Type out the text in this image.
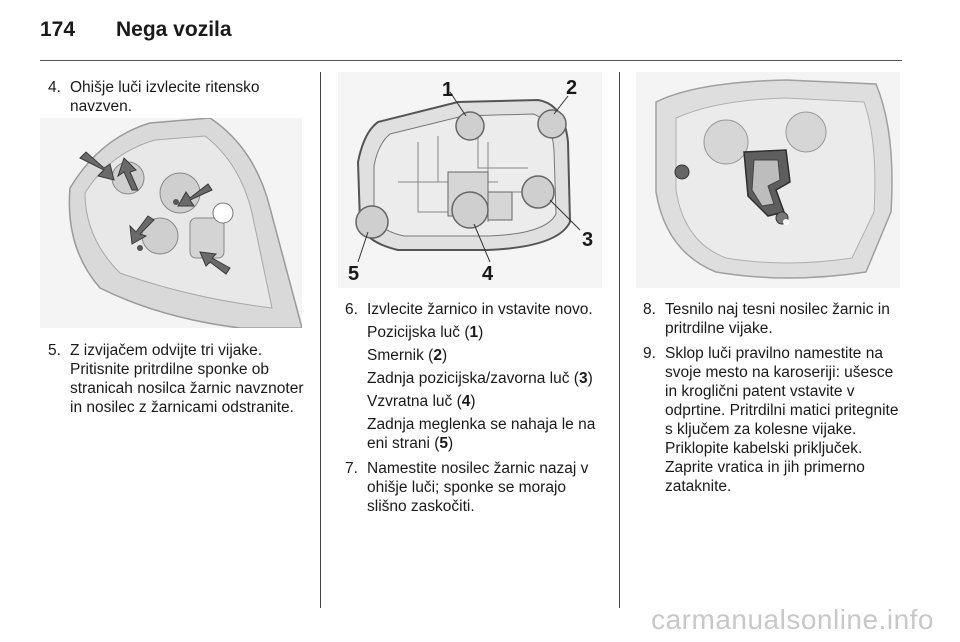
174	Nega vozila
4. Ohišje luči izvlecite ritensko navzven.
5. Z izvijačem odvijte tri vijake. Pritisnite pritrdilne sponke ob stranicah nosilca žarnic navznoter in nosilec z žarnicami odstranite.
1	2
3
4
5
6. Izvlecite žarnico in vstavite novo.
Pozicijska luč (1)
Smernik (2)
Zadnja pozicijska/zavorna luč (3)
Vzvratna luč (4)
Zadnja meglenka se nahaja le na eni strani (5)
7. Namestite nosilec žarnic nazaj v ohišje luči; sponke se morajo slišno zaskočiti.
8. Tesnilo naj tesni nosilec žarnic in pritrdilne vijake.
9. Sklop luči pravilno namestite na svoje mesto na karoseriji: ušesce in kroglični patent vstavite v odprtine. Pritrdilni matici pritegnite s ključem za kolesne vijake. Priklopite kabelski priključek. Zaprite vratica in jih primerno zataknite.
carmanualsonline.info
